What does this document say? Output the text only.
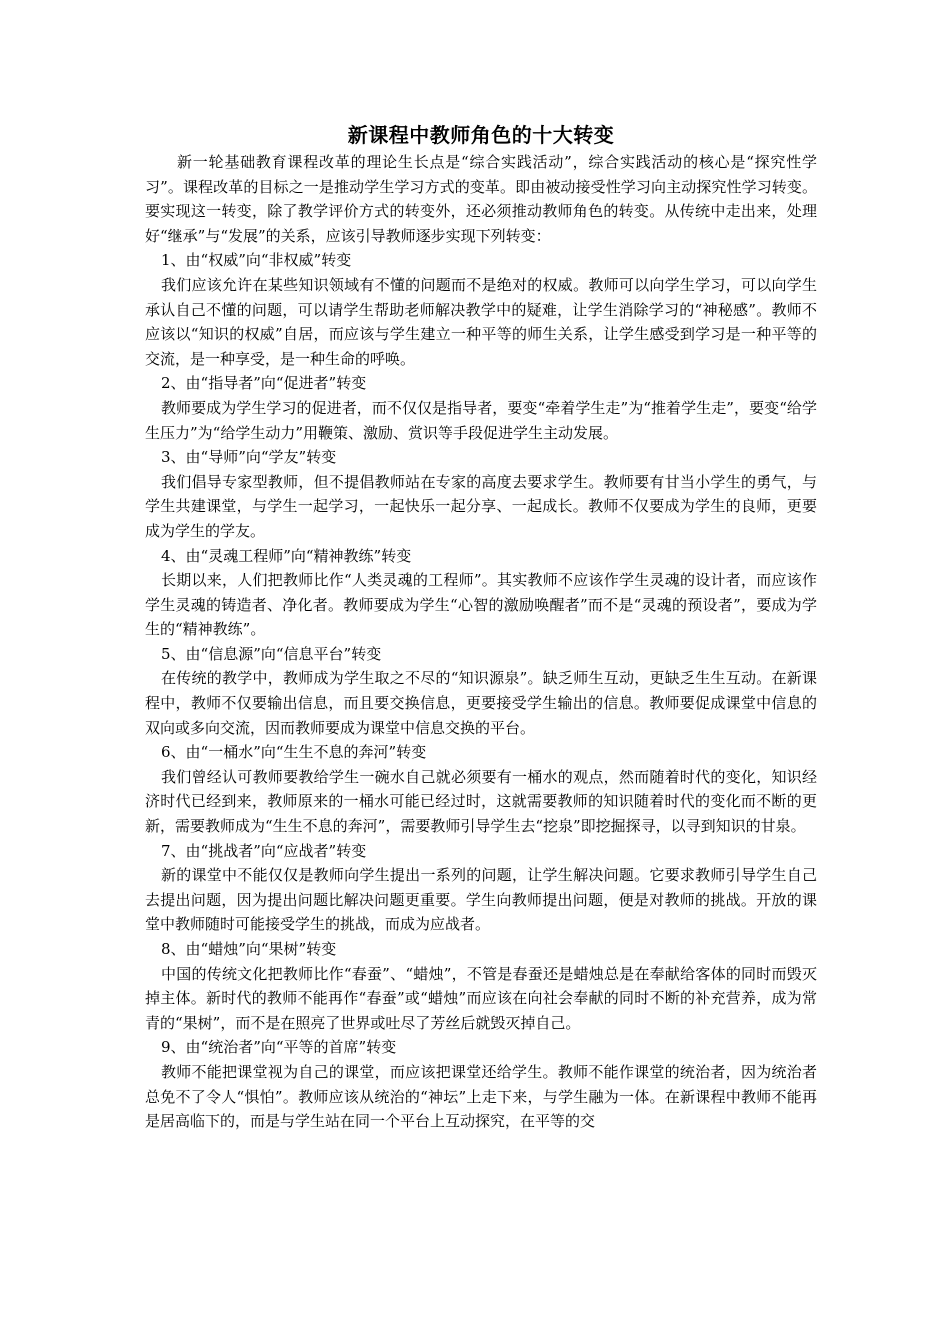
新课程中教师角色的十大转变

新一轮基础教育课程改革的理论生长点是“综合实践活动”，综合实践活动的核心是“探究性学习”。课程改革的目标之一是推动学生学习方式的变革。即由被动接受性学习向主动探究性学习转变。要实现这一转变，除了教学评价方式的转变外，还必须推动教师角色的转变。从传统中走出来，处理好“继承”与“发展”的关系，应该引导教师逐步实现下列转变：

1、由“权威”向“非权威”转变

我们应该允许在某些知识领域有不懂的问题而不是绝对的权威。教师可以向学生学习，可以向学生承认自己不懂的问题，可以请学生帮助老师解决教学中的疑难，让学生消除学习的“神秘感”。教师不应该以“知识的权威”自居，而应该与学生建立一种平等的师生关系，让学生感受到学习是一种平等的交流，是一种享受，是一种生命的呼唤。

2、由“指导者”向“促进者”转变

教师要成为学生学习的促进者，而不仅仅是指导者，要变“牵着学生走”为“推着学生走”，要变“给学生压力”为“给学生动力”用鞭策、激励、赏识等手段促进学生主动发展。

3、由“导师”向“学友”转变

我们倡导专家型教师，但不提倡教师站在专家的高度去要求学生。教师要有甘当小学生的勇气，与学生共建课堂，与学生一起学习，一起快乐一起分享、一起成长。教师不仅要成为学生的良师，更要成为学生的学友。

4、由“灵魂工程师”向“精神教练”转变

长期以来，人们把教师比作“人类灵魂的工程师”。其实教师不应该作学生灵魂的设计者，而应该作学生灵魂的铸造者、净化者。教师要成为学生“心智的激励唤醒者”而不是“灵魂的预设者”，要成为学生的“精神教练”。

5、由“信息源”向“信息平台”转变

在传统的教学中，教师成为学生取之不尽的“知识源泉”。缺乏师生互动，更缺乏生生互动。在新课程中，教师不仅要输出信息，而且要交换信息，更要接受学生输出的信息。教师要促成课堂中信息的双向或多向交流，因而教师要成为课堂中信息交换的平台。

6、由“一桶水”向“生生不息的奔河”转变

我们曾经认可教师要教给学生一碗水自己就必须要有一桶水的观点，然而随着时代的变化，知识经济时代已经到来，教师原来的一桶水可能已经过时，这就需要教师的知识随着时代的变化而不断的更新，需要教师成为“生生不息的奔河”，需要教师引导学生去“挖泉”即挖掘探寻，以寻到知识的甘泉。

7、由“挑战者”向“应战者”转变

新的课堂中不能仅仅是教师向学生提出一系列的问题，让学生解决问题。它要求教师引导学生自己去提出问题，因为提出问题比解决问题更重要。学生向教师提出问题，便是对教师的挑战。开放的课堂中教师随时可能接受学生的挑战，而成为应战者。

8、由“蜡烛”向“果树”转变

中国的传统文化把教师比作“春蚕”、“蜡烛”，不管是春蚕还是蜡烛总是在奉献给客体的同时而毁灭掉主体。新时代的教师不能再作“春蚕”或“蜡烛”而应该在向社会奉献的同时不断的补充营养，成为常青的“果树”，而不是在照亮了世界或吐尽了芳丝后就毁灭掉自己。

9、由“统治者”向“平等的首席”转变

教师不能把课堂视为自己的课堂，而应该把课堂还给学生。教师不能作课堂的统治者，因为统治者总免不了令人“惧怕”。教师应该从统治的“神坛”上走下来，与学生融为一体。在新课程中教师不能再是居高临下的，而是与学生站在同一个平台上互动探究，在平等的交
